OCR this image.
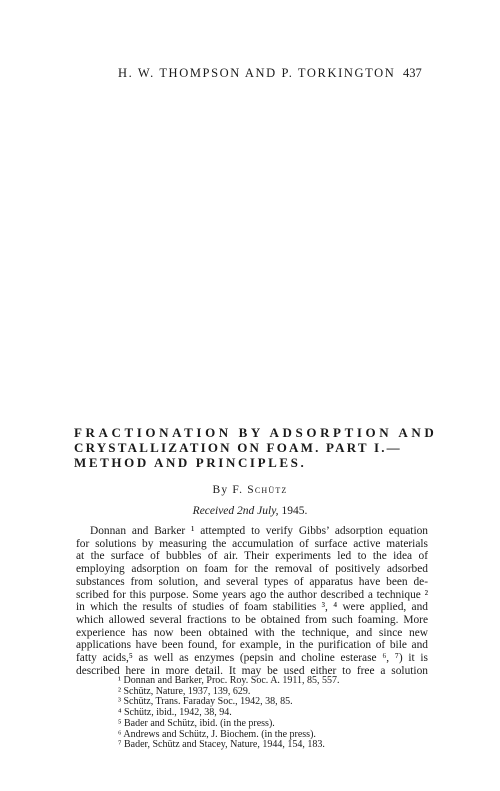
H. W. THOMPSON AND P. TORKINGTON 437
FRACTIONATION BY ADSORPTION AND
CRYSTALLIZATION ON FOAM. PART I.—
METHOD AND PRINCIPLES.
By F. Schütz
Received 2nd July, 1945.
Donnan and Barker ¹ attempted to verify Gibbs’ adsorption equation
for solutions by measuring the accumulation of surface active materials
at the surface of bubbles of air. Their experiments led to the idea of
employing adsorption on foam for the removal of positively adsorbed
substances from solution, and several types of apparatus have been de-
scribed for this purpose. Some years ago the author described a technique ²
in which the results of studies of foam stabilities ³, ⁴ were applied, and
which allowed several fractions to be obtained from such foaming. More
experience has now been obtained with the technique, and since new
applications have been found, for example, in the purification of bile and
fatty acids,⁵ as well as enzymes (pepsin and choline esterase ⁶, ⁷) it is
described here in more detail. It may be used either to free a solution
¹ Donnan and Barker, Proc. Roy. Soc. A. 1911, 85, 557.
² Schütz, Nature, 1937, 139, 629.
³ Schütz, Trans. Faraday Soc., 1942, 38, 85.
⁴ Schütz, ibid., 1942, 38, 94.
⁵ Bader and Schütz, ibid. (in the press).
⁶ Andrews and Schütz, J. Biochem. (in the press).
⁷ Bader, Schütz and Stacey, Nature, 1944, 154, 183.
